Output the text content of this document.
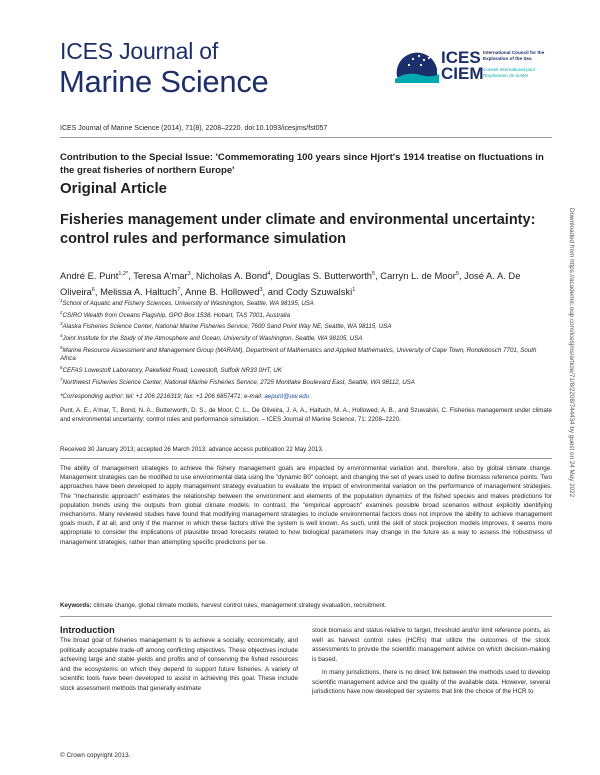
ICES Journal of
Marine Science
ICES
CIEM
International Council for the Exploration of the Sea
Conseil International pour l'Exploration de la Mer
ICES Journal of Marine Science (2014), 71(8), 2208–2220. doi:10.1093/icesjms/fst057
Contribution to the Special Issue: 'Commemorating 100 years since Hjort's 1914 treatise on fluctuations in the great fisheries of northern Europe'
Original Article
Fisheries management under climate and environmental uncertainty: control rules and performance simulation
André E. Punt$^{1,2*}$, Teresa A'mar$^3$, Nicholas A. Bond$^4$, Douglas S. Butterworth$^5$, Carryn L. de Moor$^5$, José A. A. De Oliveira$^6$, Melissa A. Haltuch$^7$, Anne B. Hollowed$^3$, and Cody Szuwalski$^1$
$^1$School of Aquatic and Fishery Sciences, University of Washington, Seattle, WA 98195, USA
$^2$CSIRO Wealth from Oceans Flagship, GPO Box 1538, Hobart, TAS 7001, Australia
$^3$Alaska Fisheries Science Center, National Marine Fisheries Service, 7600 Sand Point Way NE, Seattle, WA 98115, USA
$^4$Joint Institute for the Study of the Atmosphere and Ocean, University of Washington, Seattle, WA 98105, USA
$^5$Marine Resource Assessment and Management Group (MARAM), Department of Mathematics and Applied Mathematics, University of Cape Town, Rondebosch 7701, South Africa
$^6$CEFAS Lowestoft Laboratory, Pakefield Road, Lowestoft, Suffolk NR33 0HT, UK
$^7$Northwest Fisheries Science Center, National Marine Fisheries Service, 2725 Montlake Boulevard East, Seattle, WA 98112, USA
*Corresponding author: tel: +1 206 2216319; fax: +1 206 6857471; e-mail: aepunt@uw.edu
Punt, A. E., A'mar, T., Bond, N. A., Butterworth, D. S., de Moor, C. L., De Oliveira, J. A. A., Haltuch, M. A., Hollowed, A. B., and Szuwalski, C. Fisheries management under climate and environmental uncertainty: control rules and performance simulation. – ICES Journal of Marine Science, 71: 2208–2220.
Received 30 January 2013; accepted 26 March 2013; advance access publication 22 May 2013.
The ability of management strategies to achieve the fishery management goals are impacted by environmental variation and, therefore, also by global climate change. Management strategies can be modified to use environmental data using the "dynamic B0" concept, and changing the set of years used to define biomass reference points. Two approaches have been developed to apply management strategy evaluation to evaluate the impact of environmental variation on the performance of management strategies. The "mechanistic approach" estimates the relationship between the environment and elements of the population dynamics of the fished species and makes predictions for population trends using the outputs from global climate models. In contrast, the "empirical approach" examines possible broad scenarios without explicitly identifying mechanisms. Many reviewed studies have found that modifying management strategies to include environmental factors does not improve the ability to achieve management goals much, if at all, and only if the manner in which these factors drive the system is well known. As such, until the skill of stock projection models improves, it seems more appropriate to consider the implications of plausible broad forecasts related to how biological parameters may change in the future as a way to assess the robustness of management strategies, rather than attempting specific predictions per se.
Keywords: climate change, global climate models, harvest control rules, management strategy evaluation, recruitment.
Introduction

The broad goal of fisheries management is to achieve a socially, economically, and politically acceptable trade-off among conflicting objectives. These objectives include achieving large and stable yields and profits and of conserving the fished resources and the ecosystems on which they depend to support future fisheries. A variety of scientific tools have been developed to assist in achieving this goal. These include stock assessment methods that generally estimate

stock biomass and status relative to target, threshold and/or limit reference points, as well as harvest control rules (HCRs) that utilize the outcomes of the stock assessments to provide the scientific management advice on which decision-making is based.

In many jurisdictions, there is no direct link between the methods used to develop scientific management advice and the quality of the available data. However, several jurisdictions have now developed tier systems that link the choice of the HCR to

© Crown copyright 2013.
Downloaded from https://academic.oup.com/icesjms/article/71/8/2208/744434 by guest on 24 May 2022
